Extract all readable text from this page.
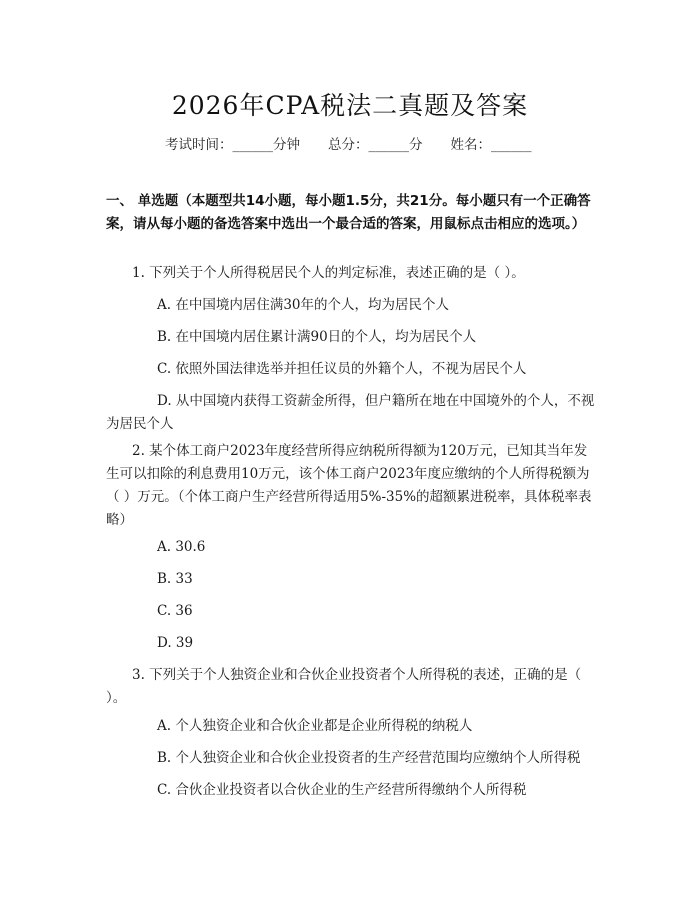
2026年CPA税法二真题及答案
考试时间：______分钟 总分：______分 姓名：______
一、 单选题（本题型共14小题，每小题1.5分，共21分。每小题只有一个正确答案，请从每小题的备选答案中选出一个最合适的答案，用鼠标点击相应的选项。）
1. 下列关于个人所得税居民个人的判定标准，表述正确的是（ ）。
A. 在中国境内居住满30年的个人，均为居民个人
B. 在中国境内居住累计满90日的个人，均为居民个人
C. 依照外国法律选举并担任议员的外籍个人，不视为居民个人
D. 从中国境内获得工资薪金所得，但户籍所在地在中国境外的个人，不视为居民个人
2. 某个体工商户2023年度经营所得应纳税所得额为120万元，已知其当年发生可以扣除的利息费用10万元，该个体工商户2023年度应缴纳的个人所得税额为（ ）万元。（个体工商户生产经营所得适用5%-35%的超额累进税率，具体税率表略）
A. 30.6
B. 33
C. 36
D. 39
3. 下列关于个人独资企业和合伙企业投资者个人所得税的表述，正确的是（ ）。
A. 个人独资企业和合伙企业都是企业所得税的纳税人
B. 个人独资企业和合伙企业投资者的生产经营范围均应缴纳个人所得税
C. 合伙企业投资者以合伙企业的生产经营所得缴纳个人所得税
